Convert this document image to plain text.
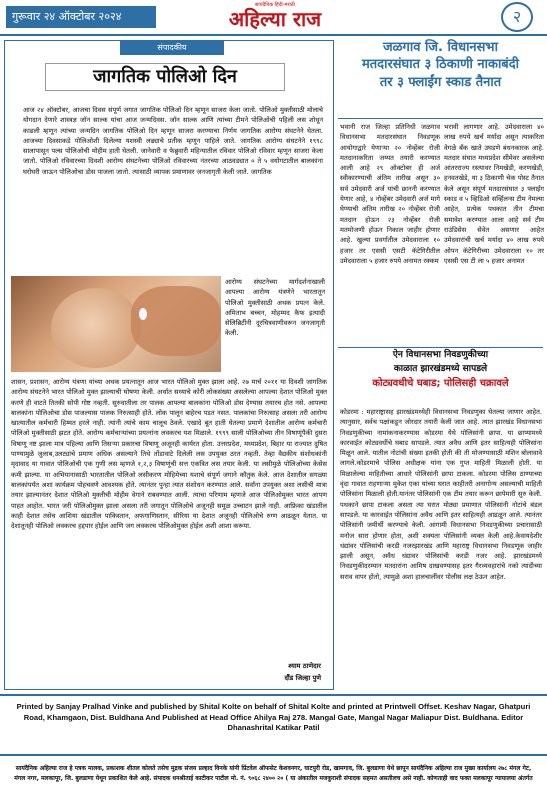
गुरूवार २४ ऑक्टोबर २०२४
सायंदैनिक हिंदी-मराठी
अहिल्या राज	२
संपादकीय
जागतिक पोलिओ दिन
आज २४ ऑक्टोबर, आजचा दिवस संपूर्ण जगात जागतिक पोलिओ दिन म्हणून साजरा केला जातो. पोलिओ मुक्तीसाठी मोलाचे योगदान देणारे शास्त्रज्ञ जॉन साल्क यांचा आज जन्मदिवस. जॉन साल्क आणि त्यांच्या टीमने पोलिओची पहिली लस शोधून काढली म्हणून त्यांच्या जन्मदिन जागतिक पोलिओ दिन म्हणून साजरा करण्याचा निर्णय जागतिक आरोग्य संघटनेने घेतला. आजच्या दिवसाकडे पोलिओशी दिलेल्या यशस्वी लढ्याचे प्रतीक म्हणून पाहिले जाते. जागतिक आरोग्य संघटनेने १९९८ सालापासून पल्स पोलिओची मोहीम हाती घेतली. जानेवारी व फेब्रुवारी महिन्यातील रविवार पोलिओ रविवार म्हणून साजरा केला जातो. पोलिओ रविवारच्या दिवशी आरोग्य संघटनेच्या पोलिओ रविवारच्या नंतरच्या आठवड्यात ० ते ५ वयोगटातील बालकांना घरोघरी जाऊन पोलिओचा डोस पाजला जातो. त्यासाठी व्यापक प्रमाणावर जनजागृती केली जाते. जागतिक
आरोग्य संघटनेच्या मार्गदर्शनाखाली आपल्या आरोग्य यंत्रणेने भारतातून पोलिओ मुक्तीसाठी अथक प्रयत्न केले. अमिताभ बच्चन, मोहम्मद कैफ इत्यादी सेलिब्रिटींनी दूरचित्रवाणीवरून जनजागृती केली.
शासन, प्रशासन, आरोग्य यंत्रणा यांच्या अथक प्रयत्नातून आज भारत पोलिओ मुक्त झाला आहे. २७ मार्च २०११ या दिवशी जागतिक आरोग्य संघटनेने भारत पोलिओ मुक्त झाल्याची घोषणा केली. अर्थात सध्याचे कोरी लोकसंख्या असलेल्या आपल्या देशात पोलिओ मुक्त करणे ही वाटते तितकी सोपी गोष्ट नव्हती. सुरुवातीला तर पालक आपल्या बालकांना पोलिओ डोस देण्यास तयारच होत नसे. आपल्या बालकांना पोलिओचा डोस पाजल्यास पालक निरुत्साही होते. लोक पालून बाहेरच पडत नसत. पालकांचा निरुत्साह असला तरी आरोग्य खात्यातील कर्मचारी हिम्मत हरले नाही. त्यांनी त्यांचे काम चालूच ठेवले. एखादे बूत हाती घेतल्या प्रमाणे देशातील आरोग्य कर्मचारी पोलिओ मुक्तीसाठी झटत होते. आरोग्य कर्मचाऱ्यांच्या प्रयत्नांना लवकरच यश मिळाले. १९९९ साली पोलिओच्या तीन विषाणूंपैकी दुसरा विषाणू नष्ट झाला मात्र पहिल्या आणि तिसऱ्या प्रकारचा विषाणू अजूनही कार्यरत होता. उत्तरप्रदेश, मध्यप्रदेश, बिहार या राज्यात दुषित पाण्यामुळे जुलाब,उलट्यांचे प्रमाण अधिक असल्याने तिथे तोंडावाटे दिलेली लस उपयुक्त ठरत नव्हती. तेव्हा वैद्यकीय संशोधकांनी मृदावाद या गावात पोलिओची एक गुणी लस म्हणजे १,२,३ विषाणूंची सत्त एकत्रित लस तयार केली. या लसीमुळे पोलिओच्या केसेस कमी झाल्या. या अभियानासाठी भारतातील पोलिओ लसीकरण मोहिमेच्या यशाचे संपूर्ण जगाने कौतुक केले. आज देशातील सगळ्या बालकांपर्यंत अशा कार्यक्रम पोहचवणे आवश्यक होते. त्यानंतर पुन्हा त्यात संशोधन करण्यात आले. सर्वांना उपयुक्त अशा लसीची मात्रा तयार झाल्यानंतर देशात पोलिओ मुक्तीची मोहीम वेगाने राबवण्यात आली. त्याचा परिणाम म्हणजे आज पोलिओमुक्त भारत आपण पाहत आहोत. भारत जरी पोलिओमुक्त झाला असला तरी जगातून पोलिओचे अजूनही समूळ उच्चाटन झाले नाही. आफ्रिका खंडातील काही देशात तसेच आशिया खंडातील पाकिस्तान, अफगाणिस्तान, सीरिया या देशात अजूनही पोलिओचे रुग्ण आढळून येतात. या देशातूनही पोलिओ लवकरच हद्दपार होईल आणि जग लवकरच पोलिओमुक्त होईल अशी आशा करूया.
श्याम ठाणेदार
दौंड जिल्हा पुणे
जळगाव जि. विधानसभा
मतदारसंघात ३ ठिकाणी नाकाबंदी
तर ३ फ्लाईंग स्काड तैनात
भवानी राज जिल्हा प्रतिनिधी जळगाव विधानसभा मतदारसंघात निवडणूक आयोगाद्वारे येणाऱ्या २० नोव्हेंबर रोजी मतदानाकरिता जय्यत तयारी करण्यात आली आहे २९ ऑक्टोबर ही अर्ज स्वीकारण्याची अंतिम तारीख असून ३० सर्व उमेदवारी अर्ज यांची छाननी करण्यात येणार आहे, ४ नोव्हेंबर उमेदवारी अर्ज मागे घेण्याची अंतिम तारीख २० नोव्हेंबर रोजी मतदान होऊन २३ नोव्हेंबर रोजी मतमोजणी होऊन निकाल जाहीर होणार आहे. खुल्या प्रवर्गातील उमेदवाराला १० हजार तर एससी एसटी कॅटेगिरीतील उमेदवाराला ५ हजार रुपये अनामत रक्कम
भरावी लागणार आहे. उमेदवाराला ४० लाख रुपये खर्च मर्यादा असून त्याकरिता वेगळे बँक खाते उघडणे बंधनकारक आहे. मतदार संघात मध्यप्रदेश सीमेवर असलेल्या आंतरराज्य रस्त्यावर निमखेडी, करणखेडी, हनवतखेडे, या ३ ठिकाणी चेक पोस्ट तैनात केले असून संपूर्ण मतदारसंघात ३ फ्लाईंग स्काड व ५ व्हिडिओ सर्व्हिलन्स टीम नेमल्या आहेत, प्रत्येक पथकात तीन टीमचा समावेश करण्यात आला आहे सर्व टीम राउंडिसेस सेवेत असणार आहेत उमेदवारांची खर्च मर्यादा ४० लाख रुपये ओपन कॅटेगिरीच्या उमेदवाराला १० तर एससी एस टी ला ५ हजार अनामत
ऐन विधानसभा निवडणुकीच्या
काळात झारखंडमध्ये सापडले
कोट्यवधीचे घबाड; पोलिसही चक्रावले
कोडरमा : महाराष्ट्रासह झारखंडमध्येही विधानसभा निवडणुका घेतल्या जाणार आहेत. त्यानुसार, सर्वच पक्षांकडून जोरदार तयारी केली जात आहे. त्यात झारखंड विधानसभा निवडणुकीच्या नामांकनाकरण्यास कोडरमा येथे पोलिसांनी छापा. या छाप्यामध्ये कारवाईत कोट्यवधींचे घबाड सापडले. त्यात अवैध आणि इतर साहित्यही पोलिसांना मिळून आले. यातील नोटांची संख्या इतकी होती की ती मोजण्यासाठी मशिन बोलावावे लागले.कोडरमाचे पोलिस अधीक्षक यांना एक गुप्त माहिती मिळाली होती. या मिळालेल्या माहितीच्या आधारे पोलिसांनी छापा टाकला. कोडरमा पोलिस ठाण्याच्या वृंदा गावात राहणाऱ्या मुकेश एका यांच्या घरात काहीतरी अनागोन्य असल्याची माहिती पोलिसांना मिळाली होती.यानंतर पोलिसांनी एक टीम तयार करून छापेमारी सुरु केली. पथकाने छापा टाकला असता त्या घरात मोठ्या प्रमाणात पोलिसांनी नोटांचे बंडल सापडले. या कारवाईत पोलिसांना अवैध आणि इतर साहित्यही आढळून आले. त्यानंतर पोलिसांनी जमीर्थी करण्याचे केली. आगामी विधानसभा निवडणुकीच्या प्रचारासाठी मनोज सारा होणार होता, अशी शक्यता पोलिसांनी व्यक्त केली आहे.केवायदेशीर धंद्यांवर पोलिसांची करडी नजरझारखंड आणि महाराष्ट्र विधानसभा निवडणूक जाहीर झाली असून, अवैध धंद्यावर पोलिसांची करडी नजर आहे. झारखंडमध्ये निवडणुकीदरम्यान मतदारांना आमिष दाखवण्यासह इतर गैरव्यवहारांचे नको त्यादीच्या सराव वापर होतो, त्यामुळे अशा हालचालींवर पोलीस लक्ष ठेऊन आहेत.
Printed by Sanjay Pralhad Vinke and published by Shital Kolte on behalf of Shital Kolte and printed at Printwell Offset. Keshav Nagar, Ghatpuri Road, Khamgaon, Dist. Buldhana And Published at Head Office Ahilya Raj 278. Mangal Gate, Mangal Nagar Maliapur Dist. Buldhana. Editor Dhanashrital Katikar Patil
सायंदैनिक अहिल्या राज हे पत्रक मालक, प्रकाशक शीतल कोलते तसेच मुद्रक संजय प्रल्हाद विनके यांनी प्रिंटवेल ऑफसेट केशवनगर, घाटपुरी रोड, खामगाव, जि. बुलडाणा येथे छापून सायंदैनिक अहिल्या राज मुख्य कार्यालय २७८ मंगल गेट, मंगल नगर, मलकापूर, जि. बुलडाणा येथून प्रकाशित केले आहे. संपादक धनश्रीताई काटीकर पाटील मो. नं. ९०६८ २४०० २० ( या अंकातील मजकुराशी संपादक सहमत असतीलच असे नाही. कोणताही वाद फक्त मलकापूर न्यायालया अंतर्गत
